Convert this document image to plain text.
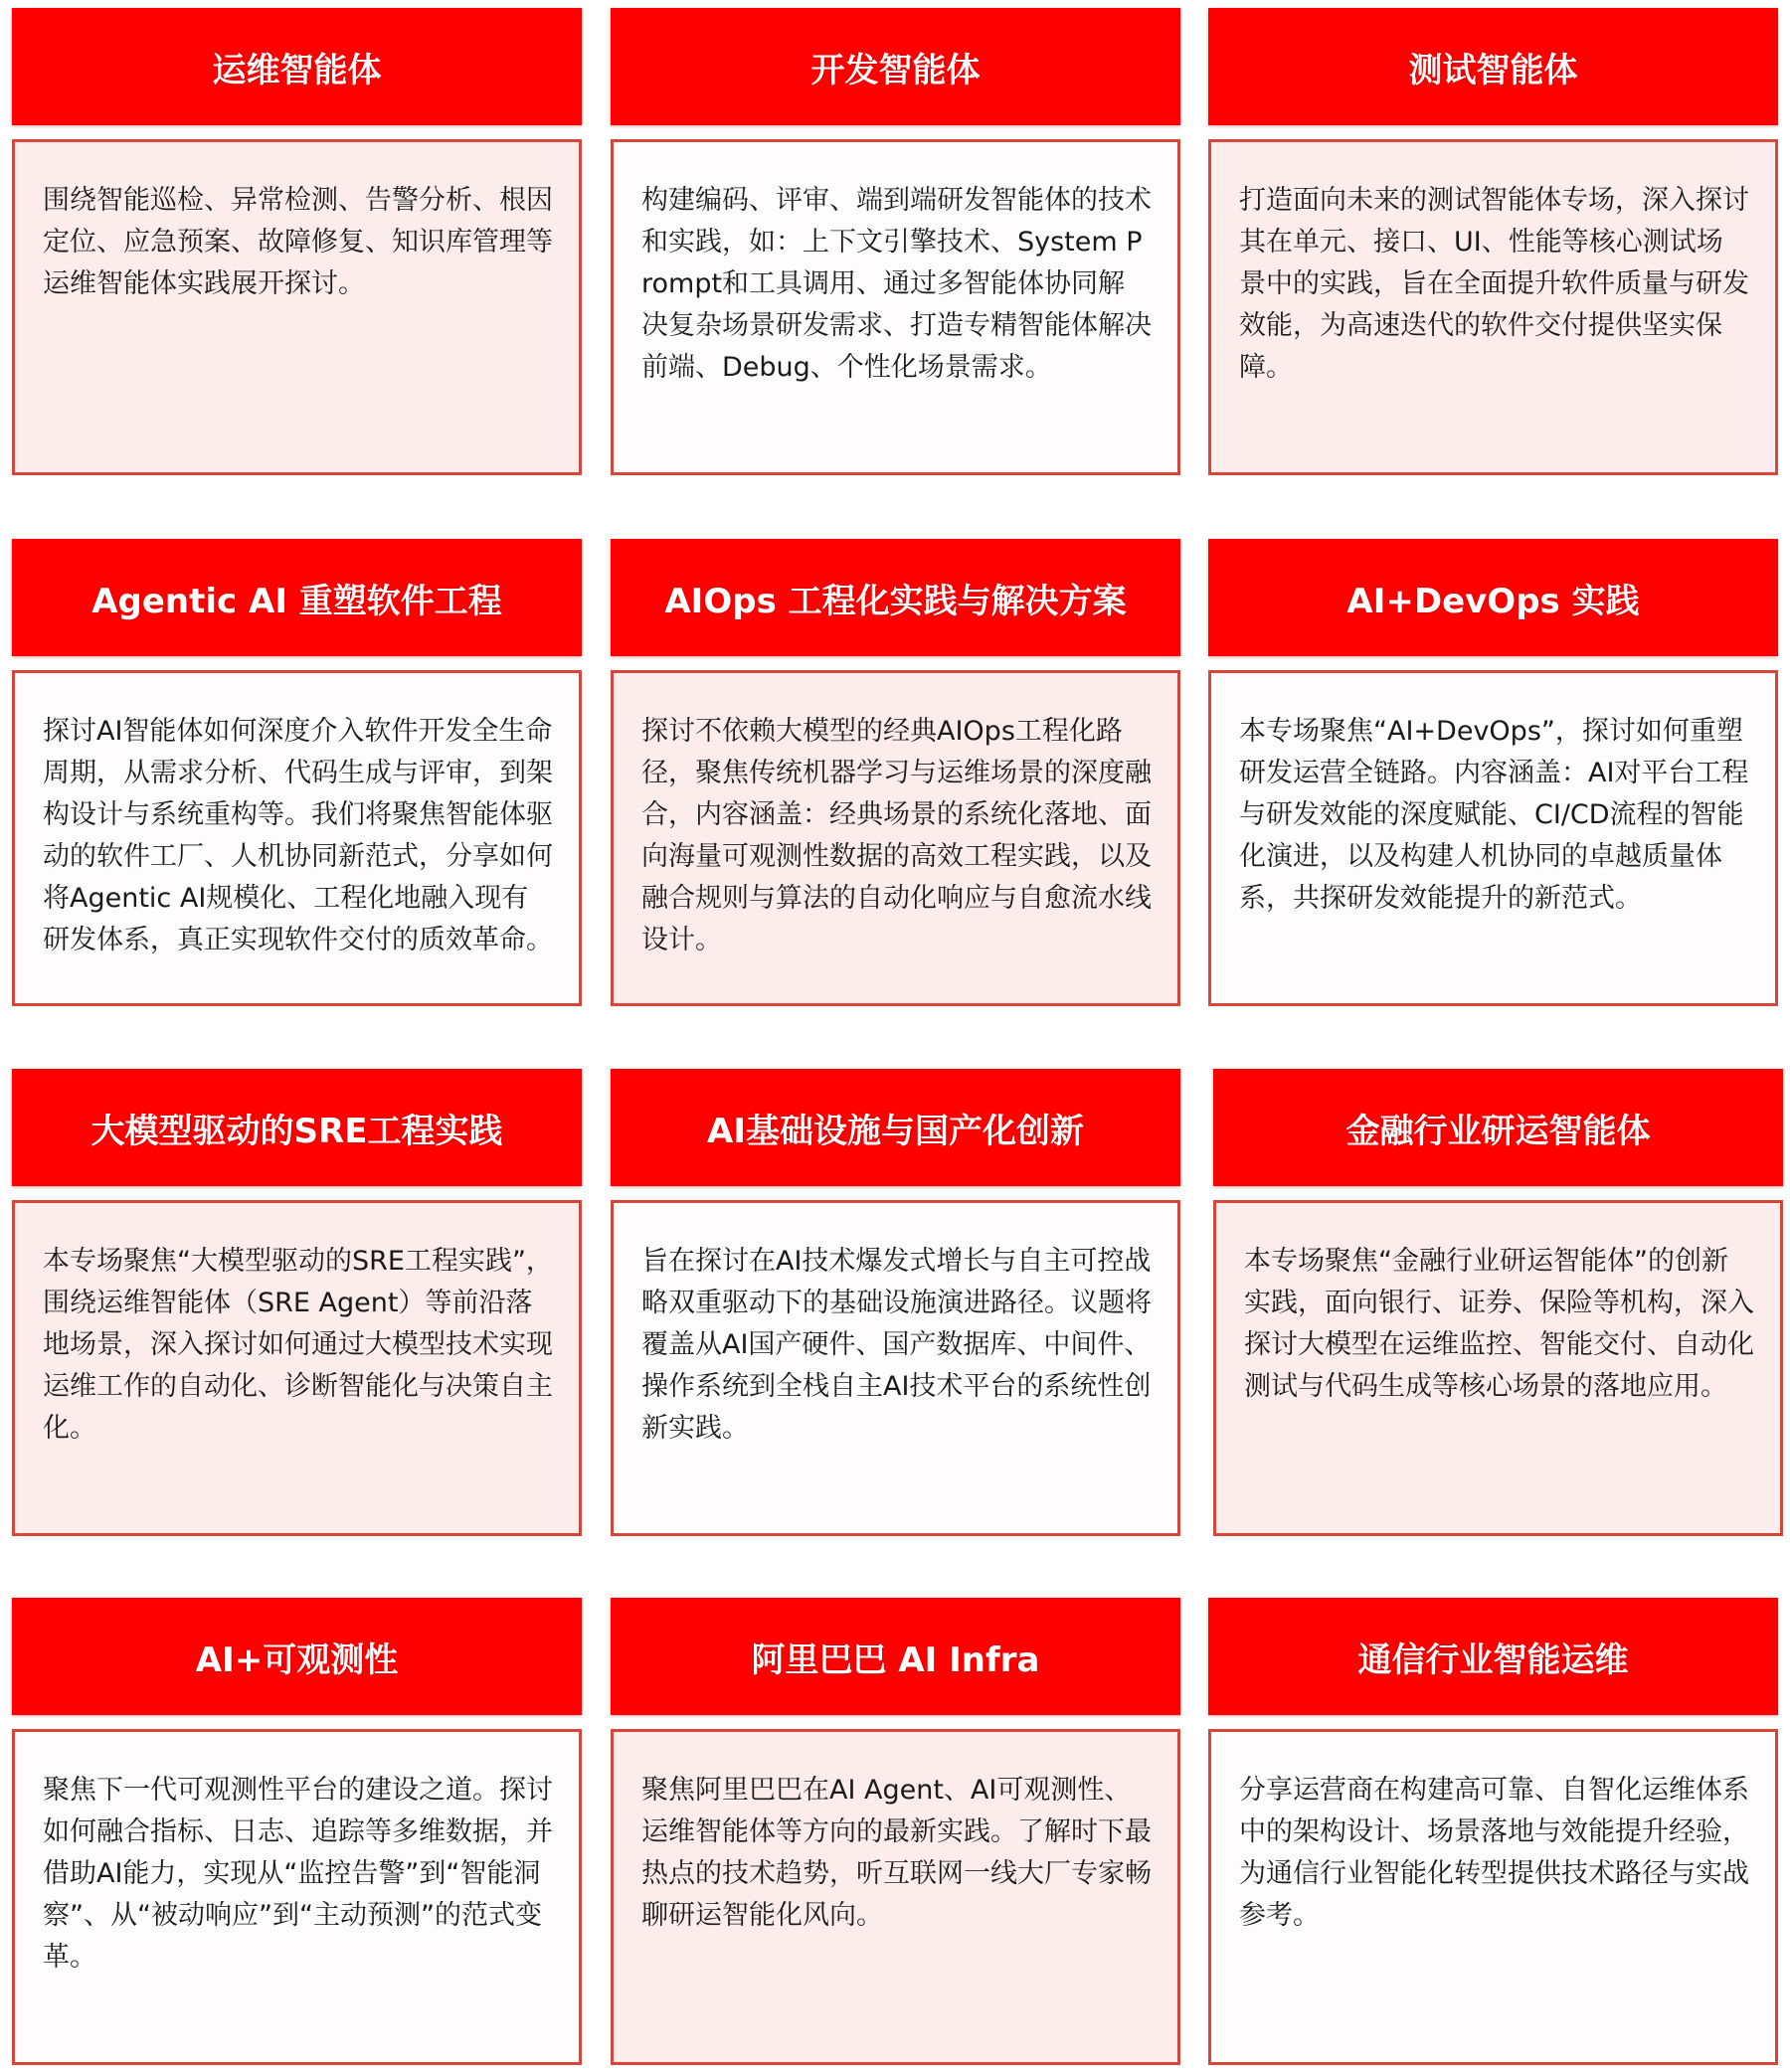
运维智能体

围绕智能巡检、异常检测、告警分析、根因定位、应急预案、故障修复、知识库管理等运维智能体实践展开探讨。

开发智能体

构建编码、评审、端到端研发智能体的技术和实践，如：上下文引擎技术、System Prompt和工具调用、通过多智能体协同解决复杂场景研发需求、打造专精智能体解决前端、Debug、个性化场景需求。

测试智能体

打造面向未来的测试智能体专场，深入探讨其在单元、接口、UI、性能等核心测试场景中的实践，旨在全面提升软件质量与研发效能，为高速迭代的软件交付提供坚实保障。

Agentic AI 重塑软件工程

探讨AI智能体如何深度介入软件开发全生命周期，从需求分析、代码生成与评审，到架构设计与系统重构等。我们将聚焦智能体驱动的软件工厂、人机协同新范式，分享如何将Agentic AI规模化、工程化地融入现有研发体系，真正实现软件交付的质效革命。

AIOps 工程化实践与解决方案

探讨不依赖大模型的经典AIOps工程化路径，聚焦传统机器学习与运维场景的深度融合，内容涵盖：经典场景的系统化落地、面向海量可观测性数据的高效工程实践，以及融合规则与算法的自动化响应与自愈流水线设计。

AI+DevOps 实践

本专场聚焦“AI+DevOps”，探讨如何重塑研发运营全链路。内容涵盖：AI对平台工程与研发效能的深度赋能、CI/CD流程的智能化演进，以及构建人机协同的卓越质量体系，共探研发效能提升的新范式。

大模型驱动的SRE工程实践

本专场聚焦“大模型驱动的SRE工程实践”，围绕运维智能体（SRE Agent）等前沿落地场景，深入探讨如何通过大模型技术实现运维工作的自动化、诊断智能化与决策自主化。

AI基础设施与国产化创新

旨在探讨在AI技术爆发式增长与自主可控战略双重驱动下的基础设施演进路径。议题将覆盖从AI国产硬件、国产数据库、中间件、操作系统到全栈自主AI技术平台的系统性创新实践。

金融行业研运智能体

本专场聚焦“金融行业研运智能体”的创新实践，面向银行、证券、保险等机构，深入探讨大模型在运维监控、智能交付、自动化测试与代码生成等核心场景的落地应用。

AI+可观测性

聚焦下一代可观测性平台的建设之道。探讨如何融合指标、日志、追踪等多维数据，并借助AI能力，实现从“监控告警”到“智能洞察”、从“被动响应”到“主动预测”的范式变革。

阿里巴巴 AI Infra

聚焦阿里巴巴在AI Agent、AI可观测性、运维智能体等方向的最新实践。了解时下最热点的技术趋势，听互联网一线大厂专家畅聊研运智能化风向。

通信行业智能运维

分享运营商在构建高可靠、自智化运维体系中的架构设计、场景落地与效能提升经验，为通信行业智能化转型提供技术路径与实战参考。
